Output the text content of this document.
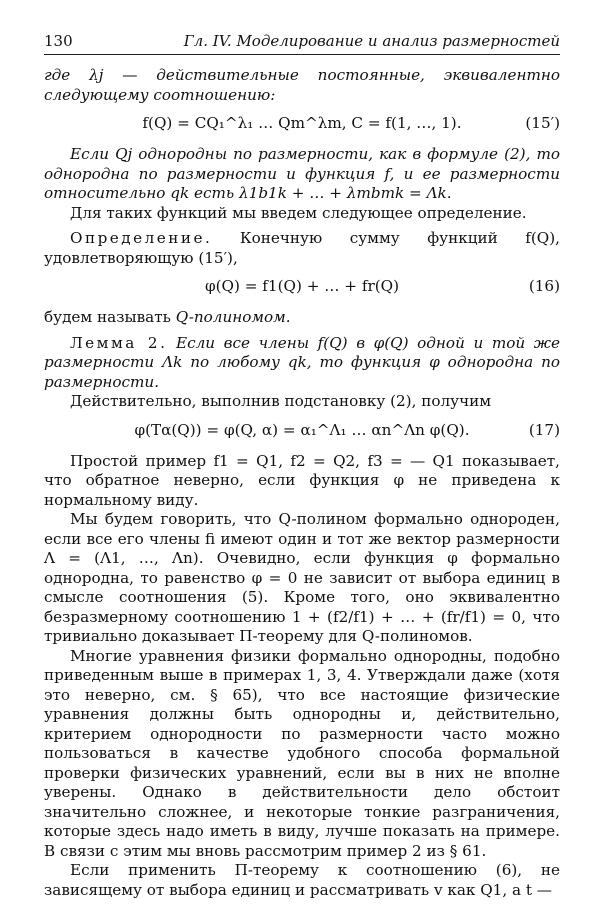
130	Гл. IV. Моделирование и анализ размерностей

где λj — действительные постоянные, эквивалентно следующему соотношению:

f(Q) = CQ₁^λ₁ … Qm^λm, C = f(1, …, 1).	(15′)

Если Qj однородны по размерности, как в формуле (2), то однородна по размерности и функция f, и ее размерности относительно qk есть λ1b1k + … + λmbmk = Λk.

Для таких функций мы введем следующее определение.

Определение. Конечную сумму функций f(Q), удовлетворяющую (15′),

φ(Q) = f1(Q) + … + fr(Q)	(16)

будем называть Q-полиномом.

Лемма 2. Если все члены f(Q) в φ(Q) одной и той же размерности Λk по любому qk, то функция φ однородна по размерности.

Действительно, выполнив подстановку (2), получим

φ(Tα(Q)) = φ(Q, α) = α₁^Λ₁ … αn^Λn φ(Q).	(17)

Простой пример f1 = Q1, f2 = Q2, f3 = — Q1 показывает, что обратное неверно, если функция φ не приведена к нормальному виду.

Мы будем говорить, что Q-полином формально однороден, если все его члены fi имеют один и тот же вектор размерности Λ = (Λ1, …, Λn). Очевидно, если функция φ формально однородна, то равенство φ = 0 не зависит от выбора единиц в смысле соотношения (5). Кроме того, оно эквивалентно безразмерному соотношению 1 + (f2/f1) + … + (fr/f1) = 0, что тривиально доказывает П-теорему для Q-полиномов.

Многие уравнения физики формально однородны, подобно приведенным выше в примерах 1, 3, 4. Утверждали даже (хотя это неверно, см. § 65), что все настоящие физические уравнения должны быть однородны и, действительно, критерием однородности по размерности часто можно пользоваться в качестве удобного способа формальной проверки физических уравнений, если вы в них не вполне уверены. Однако в действительности дело обстоит значительно сложнее, и некоторые тонкие разграничения, которые здесь надо иметь в виду, лучше показать на примере. В связи с этим мы вновь рассмотрим пример 2 из § 61.

Если применить П-теорему к соотношению (6), не зависящему от выбора единиц и рассматривать v как Q1, а t —
